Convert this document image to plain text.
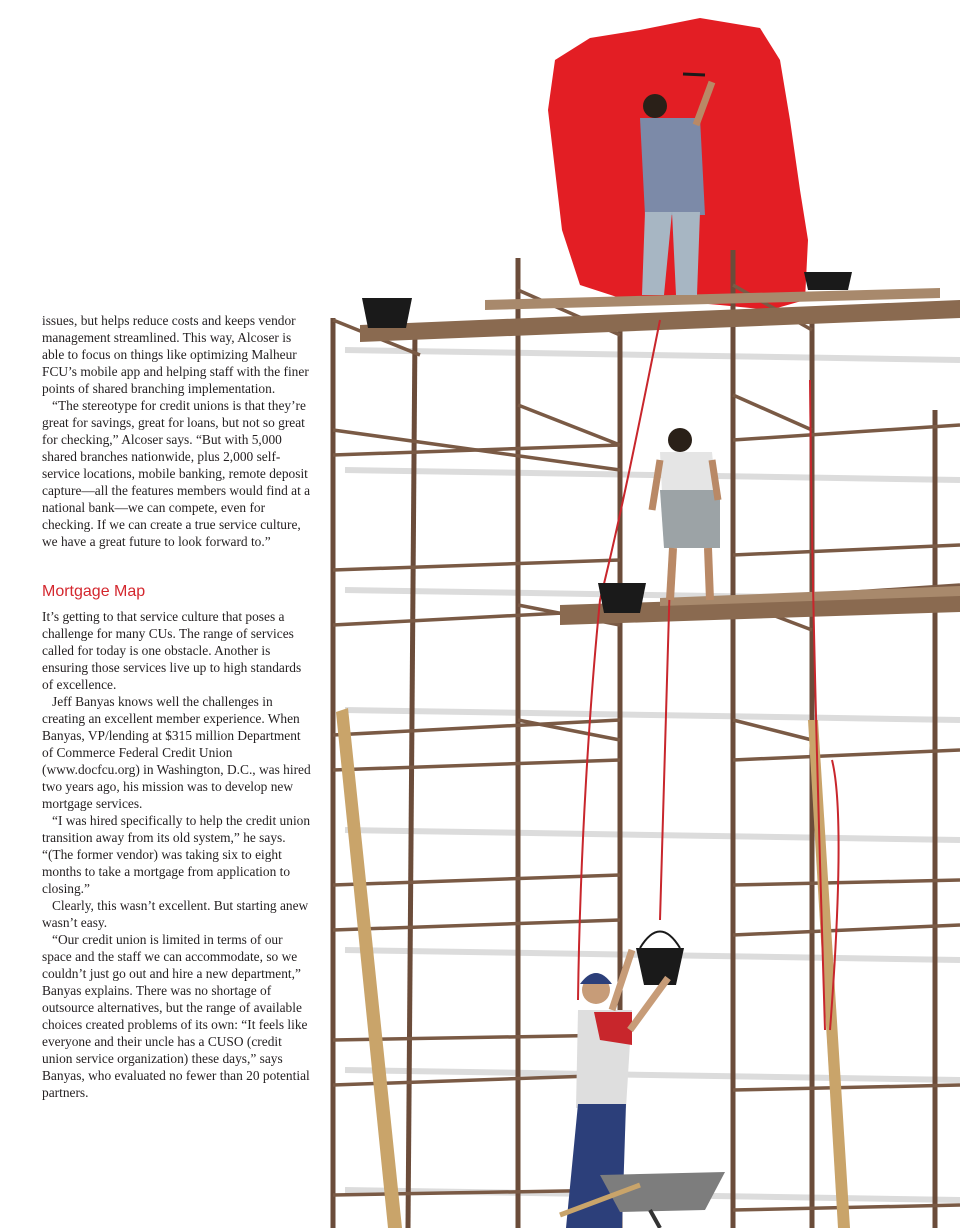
issues, but helps reduce costs and keeps vendor management streamlined. This way, Alcoser is able to focus on things like optimizing Malheur FCU’s mobile app and helping staff with the finer points of shared branching implementation.

“The stereotype for credit unions is that they’re great for savings, great for loans, but not so great for checking,” Alcoser says. “But with 5,000 shared branches nationwide, plus 2,000 self-service locations, mobile banking, remote deposit capture—all the features members would find at a national bank—we can compete, even for checking. If we can create a true service culture, we have a great future to look forward to.”

Mortgage Map

It’s getting to that service culture that poses a challenge for many CUs. The range of services called for today is one obstacle. Another is ensuring those services live up to high standards of excellence.

Jeff Banyas knows well the challenges in creating an excellent member experience. When Banyas, VP/lending at $315 million Department of Commerce Federal Credit Union (www.docfcu.org) in Washington, D.C., was hired two years ago, his mission was to develop new mortgage services.

“I was hired specifically to help the credit union transition away from its old system,” he says. “(The former vendor) was taking six to eight months to take a mortgage from application to closing.”

Clearly, this wasn’t excellent. But starting anew wasn’t easy.

“Our credit union is limited in terms of our space and the staff we can accommodate, so we couldn’t just go out and hire a new department,” Banyas explains. There was no shortage of outsource alternatives, but the range of available choices created problems of its own: “It feels like everyone and their uncle has a CUSO (credit union service organization) these days,” says Banyas, who evaluated no fewer than 20 potential partners.
